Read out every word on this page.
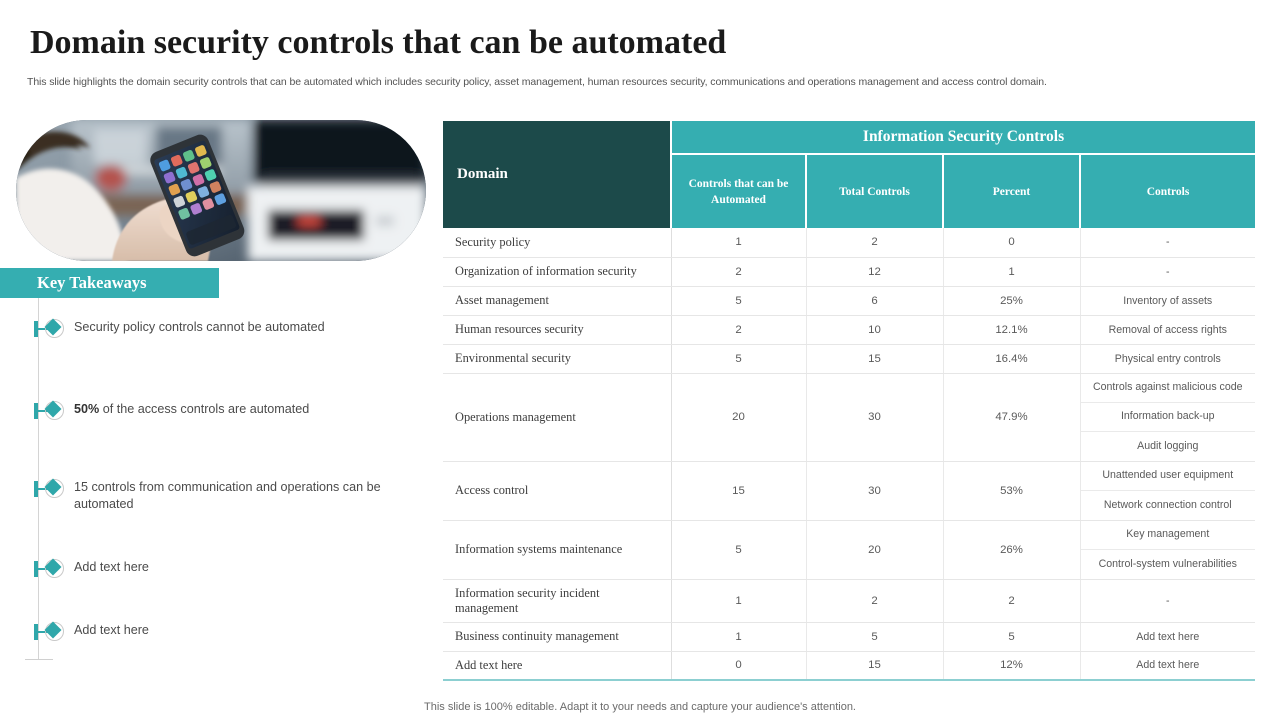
Domain security controls that can be automated
This slide highlights the domain security controls that can be automated which includes security policy, asset management, human resources security, communications and operations management and access control domain.
Key Takeaways
Security policy controls cannot be automated
50% of the access controls are automated
15 controls from communication and operations can be automated
Add text here
Add text here
Domain	Information Security Controls			
	Controls that can be Automated	Total Controls	Percent	Controls
Security policy	1	2	0	-

Organization of information security	2	12	1	-

Asset management	5	6	25%	Inventory of assets

Human resources security	2	10	12.1%	Removal of access rights

Environmental security	5	15	16.4%	Physical entry controls

Operations management	20	30	47.9%	Controls against malicious code
Information back-up
Audit logging

Access control	15	30	53%	Unattended user equipment
Network connection control

Information systems maintenance	5	20	26%	Key management
Control-system vulnerabilities

Information security incident management	1	2	2	-

Business continuity management	1	5	5	Add text here

Add text here	0	15	12%	Add text here
This slide is 100% editable. Adapt it to your needs and capture your audience's attention.
